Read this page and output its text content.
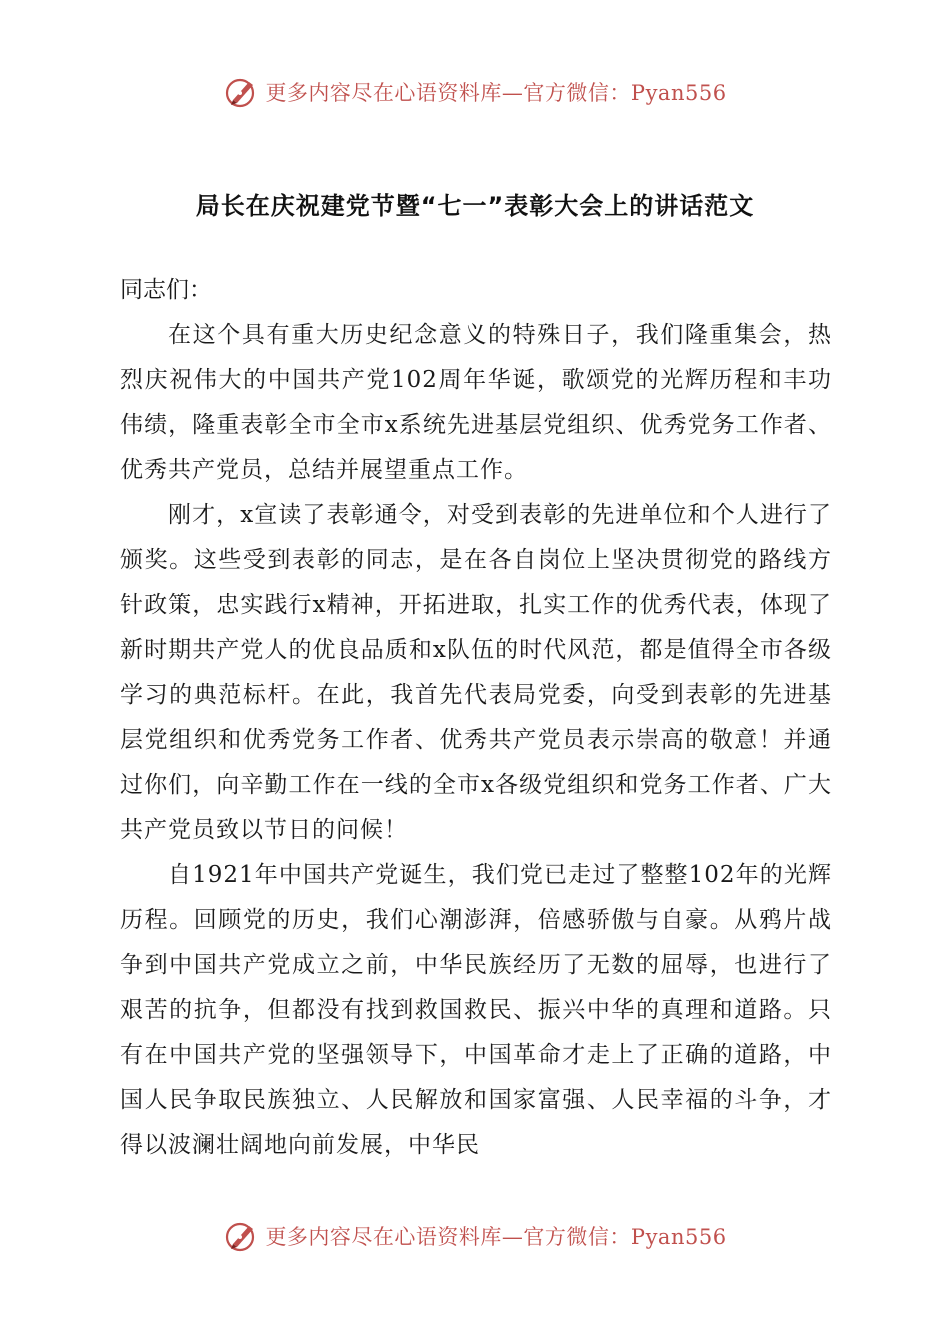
更多内容尽在心语资料库—官方微信：Pyan556
局长在庆祝建党节暨“七一”表彰大会上的讲话范文

同志们：

在这个具有重大历史纪念意义的特殊日子，我们隆重集会，热烈庆祝伟大的中国共产党102周年华诞，歌颂党的光辉历程和丰功伟绩，隆重表彰全市全市x系统先进基层党组织、优秀党务工作者、优秀共产党员，总结并展望重点工作。

刚才，x宣读了表彰通令，对受到表彰的先进单位和个人进行了颁奖。这些受到表彰的同志，是在各自岗位上坚决贯彻党的路线方针政策，忠实践行x精神，开拓进取，扎实工作的优秀代表，体现了新时期共产党人的优良品质和x队伍的时代风范，都是值得全市各级学习的典范标杆。在此，我首先代表局党委，向受到表彰的先进基层党组织和优秀党务工作者、优秀共产党员表示崇高的敬意！并通过你们，向辛勤工作在一线的全市x各级党组织和党务工作者、广大共产党员致以节日的问候！

自1921年中国共产党诞生，我们党已走过了整整102年的光辉历程。回顾党的历史，我们心潮澎湃，倍感骄傲与自豪。从鸦片战争到中国共产党成立之前，中华民族经历了无数的屈辱，也进行了艰苦的抗争，但都没有找到救国救民、振兴中华的真理和道路。只有在中国共产党的坚强领导下，中国革命才走上了正确的道路，中国人民争取民族独立、人民解放和国家富强、人民幸福的斗争，才得以波澜壮阔地向前发展，中华民

更多内容尽在心语资料库—官方微信：Pyan556
